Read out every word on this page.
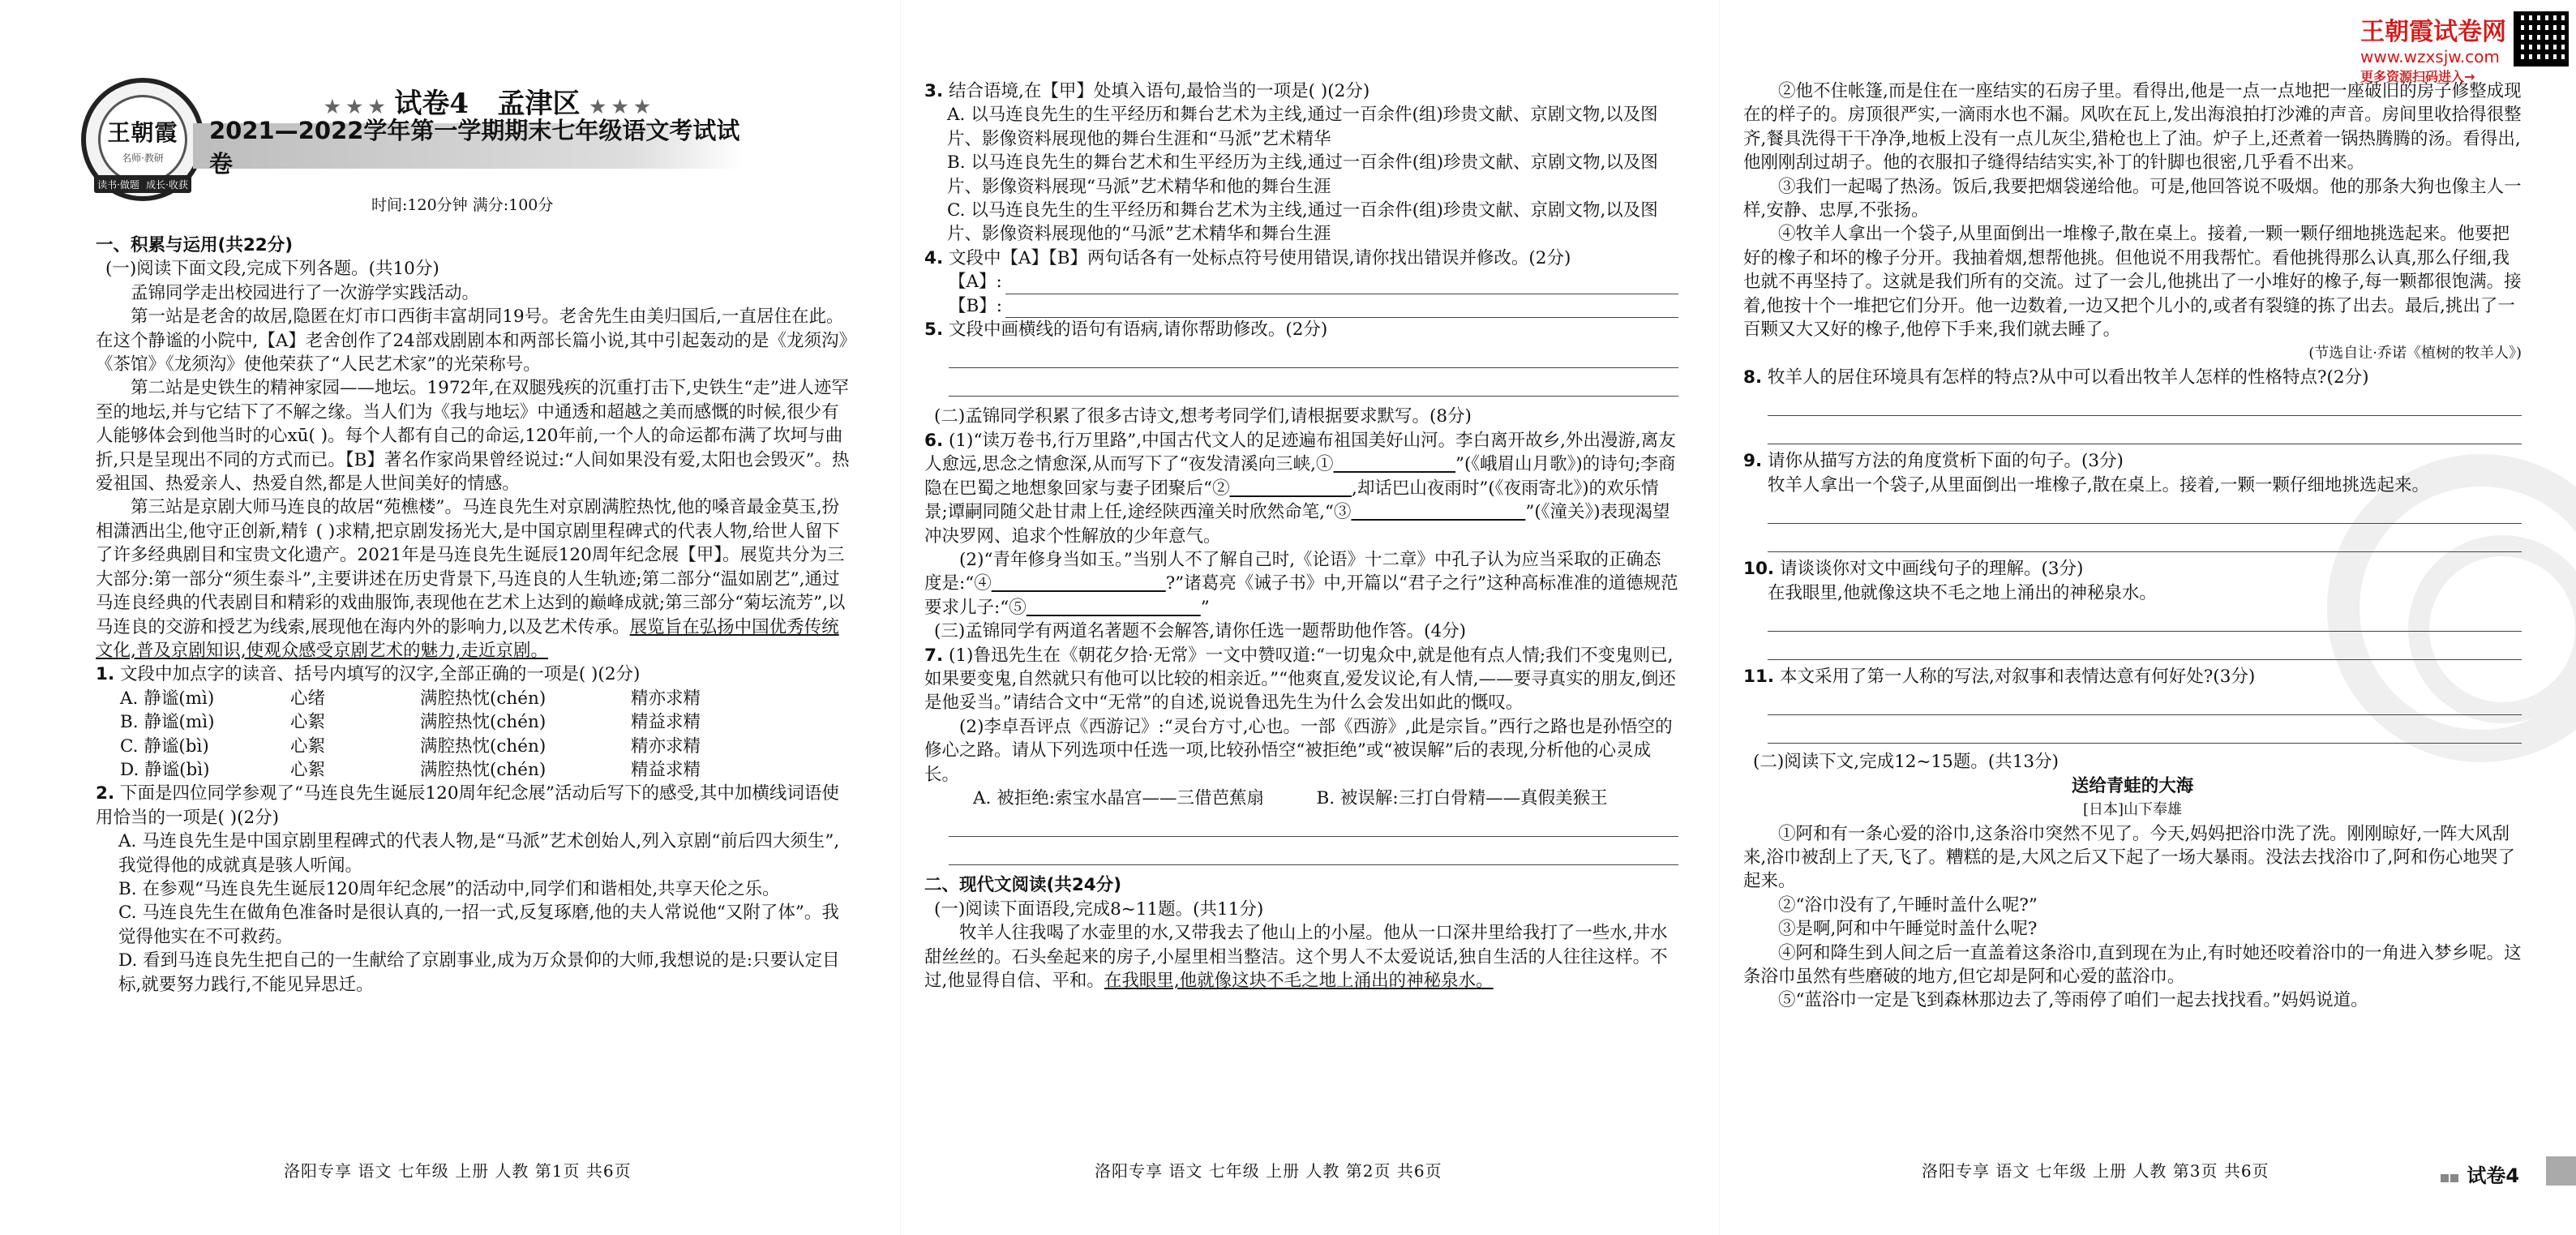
王朝霞
名师·教研
读书·做题 成长·收获
★ ★ ★ 试卷4 孟津区 ★ ★ ★
2021—2022学年第一学期期末七年级语文考试试卷
时间:120分钟 满分:100分

一、积累与运用(共22分)

(一)阅读下面文段,完成下列各题。(共10分)

孟锦同学走出校园进行了一次游学实践活动。

第一站是老舍的故居,隐匿在灯市口西街丰富胡同19号。老舍先生由美归国后,一直居住在此。在这个静谧的小院中,【A】老舍创作了24部戏剧剧本和两部长篇小说,其中引起轰动的是《龙须沟》《茶馆》《龙须沟》使他荣获了“人民艺术家”的光荣称号。

第二站是史铁生的精神家园——地坛。1972年,在双腿残疾的沉重打击下,史铁生“走”进人迹罕至的地坛,并与它结下了不解之缘。当人们为《我与地坛》中通透和超越之美而感慨的时候,很少有人能够体会到他当时的心xū( )。每个人都有自己的命运,120年前,一个人的命运都布满了坎坷与曲折,只是呈现出不同的方式而已。【B】著名作家尚果曾经说过:“人间如果没有爱,太阳也会毁灭”。热爱祖国、热爱亲人、热爱自然,都是人世间美好的情感。

第三站是京剧大师马连良的故居“苑樵楼”。马连良先生对京剧满腔热忱,他的嗓音最金莫玉,扮相潇洒出尘,他守正创新,精钅( )求精,把京剧发扬光大,是中国京剧里程碑式的代表人物,给世人留下了许多经典剧目和宝贵文化遗产。2021年是马连良先生诞辰120周年纪念展【甲】。展览共分为三大部分:第一部分“须生泰斗”,主要讲述在历史背景下,马连良的人生轨迹;第二部分“温如剧艺”,通过马连良经典的代表剧目和精彩的戏曲服饰,表现他在艺术上达到的巅峰成就;第三部分“菊坛流芳”,以马连良的交游和授艺为线索,展现他在海内外的影响力,以及艺术传承。展览旨在弘扬中国优秀传统文化,普及京剧知识,使观众感受京剧艺术的魅力,走近京剧。

1. 文段中加点字的读音、括号内填写的汉字,全部正确的一项是( )(2分)

A. 静谧(mì)	心绪	满腔热忱(chén)	精亦求精
B. 静谧(mì)	心絮	满腔热忱(chén)	精益求精
C. 静谧(bì)	心絮	满腔热忱(chén)	精亦求精
D. 静谧(bì)	心絮	满腔热忱(chén)	精益求精

2. 下面是四位同学参观了“马连良先生诞辰120周年纪念展”活动后写下的感受,其中加横线词语使用恰当的一项是( )(2分)

A. 马连良先生是中国京剧里程碑式的代表人物,是“马派”艺术创始人,列入京剧“前后四大须生”,我觉得他的成就真是骇人听闻。

B. 在参观“马连良先生诞辰120周年纪念展”的活动中,同学们和谐相处,共享天伦之乐。

C. 马连良先生在做角色准备时是很认真的,一招一式,反复琢磨,他的夫人常说他“又附了体”。我觉得他实在不可救药。

D. 看到马连良先生把自己的一生献给了京剧事业,成为万众景仰的大师,我想说的是:只要认定目标,就要努力践行,不能见异思迁。

洛阳专享 语文 七年级 上册 人教 第1页 共6页

3. 结合语境,在【甲】处填入语句,最恰当的一项是( )(2分)

A. 以马连良先生的生平经历和舞台艺术为主线,通过一百余件(组)珍贵文献、京剧文物,以及图片、影像资料展现他的舞台生涯和“马派”艺术精华

B. 以马连良先生的舞台艺术和生平经历为主线,通过一百余件(组)珍贵文献、京剧文物,以及图片、影像资料展现“马派”艺术精华和他的舞台生涯

C. 以马连良先生的生平经历和舞台艺术为主线,通过一百余件(组)珍贵文献、京剧文物,以及图片、影像资料展现他的“马派”艺术精华和舞台生涯

4. 文段中【A】【B】两句话各有一处标点符号使用错误,请你找出错误并修改。(2分)

【A】:
【B】:

5. 文段中画横线的语句有语病,请你帮助修改。(2分)

(二)孟锦同学积累了很多古诗文,想考考同学们,请根据要求默写。(8分)

6. (1)“读万卷书,行万里路”,中国古代文人的足迹遍布祖国美好山河。李白离开故乡,外出漫游,离友人愈远,思念之情愈深,从而写下了“夜发清溪向三峡,①       	”(《峨眉山月歌》)的诗句;李商隐在巴蜀之地想象回家与妻子团聚后“②       	,却话巴山夜雨时”(《夜雨寄北》)的欢乐情景;谭嗣同随父赴甘肃上任,途经陕西潼关时欣然命笔,“③          	”(《潼关》)表现渴望冲决罗网、追求个性解放的少年意气。

(2)“青年修身当如玉。”当别人不了解自己时,《论语》十二章》中孔子认为应当采取的正确态度是:“④          	?”诸葛亮《诫子书》中,开篇以“君子之行”这种高标准准的道德规范要求儿子:“⑤          	”

(三)孟锦同学有两道名著题不会解答,请你任选一题帮助他作答。(4分)

7. (1)鲁迅先生在《朝花夕拾·无常》一文中赞叹道:“一切鬼众中,就是他有点人情;我们不变鬼则已,如果要变鬼,自然就只有他可以比较的相亲近。”“他爽直,爱发议论,有人情,——要寻真实的朋友,倒还是他妥当。”请结合文中“无常”的自述,说说鲁迅先生为什么会发出如此的慨叹。

(2)李卓吾评点《西游记》:“灵台方寸,心也。一部《西游》,此是宗旨。”西行之路也是孙悟空的修心之路。请从下列选项中任选一项,比较孙悟空“被拒绝”或“被误解”后的表现,分析他的心灵成长。

A. 被拒绝:索宝水晶宫——三借芭蕉扇   	B. 被误解:三打白骨精——真假美猴王

二、现代文阅读(共24分)

(一)阅读下面语段,完成8~11题。(共11分)

牧羊人往我喝了水壶里的水,又带我去了他山上的小屋。他从一口深井里给我打了一些水,井水甜丝丝的。石头垒起来的房子,小屋里相当整洁。这个男人不太爱说话,独自生活的人往往这样。不过,他显得自信、平和。在我眼里,他就像这块不毛之地上涌出的神秘泉水。

洛阳专享 语文 七年级 上册 人教 第2页 共6页
王朝霞试卷网
www.wzxsjw.com
更多资源扫码进入→

②他不住帐篷,而是住在一座结实的石房子里。看得出,他是一点一点地把一座破旧的房子修整成现在的样子的。房顶很严实,一滴雨水也不漏。风吹在瓦上,发出海浪拍打沙滩的声音。房间里收拾得很整齐,餐具洗得干干净净,地板上没有一点儿灰尘,猎枪也上了油。炉子上,还煮着一锅热腾腾的汤。看得出,他刚刚刮过胡子。他的衣服扣子缝得结结实实,补丁的针脚也很密,几乎看不出来。

③我们一起喝了热汤。饭后,我要把烟袋递给他。可是,他回答说不吸烟。他的那条大狗也像主人一样,安静、忠厚,不张扬。

④牧羊人拿出一个袋子,从里面倒出一堆橡子,散在桌上。接着,一颗一颗仔细地挑选起来。他要把好的橡子和坏的橡子分开。我抽着烟,想帮他挑。但他说不用我帮忙。看他挑得那么认真,那么仔细,我也就不再坚持了。这就是我们所有的交流。过了一会儿,他挑出了一小堆好的橡子,每一颗都很饱满。接着,他按十个一堆把它们分开。他一边数着,一边又把个儿小的,或者有裂缝的拣了出去。最后,挑出了一百颗又大又好的橡子,他停下手来,我们就去睡了。

(节选自让·乔诺《植树的牧羊人》)

8. 牧羊人的居住环境具有怎样的特点?从中可以看出牧羊人怎样的性格特点?(2分)

9. 请你从描写方法的角度赏析下面的句子。(3分)

牧羊人拿出一个袋子,从里面倒出一堆橡子,散在桌上。接着,一颗一颗仔细地挑选起来。

10. 请谈谈你对文中画线句子的理解。(3分)

在我眼里,他就像这块不毛之地上涌出的神秘泉水。

11. 本文采用了第一人称的写法,对叙事和表情达意有何好处?(3分)

(二)阅读下文,完成12~15题。(共13分)

送给青蛙的大海

[日本]山下奉雄

①阿和有一条心爱的浴巾,这条浴巾突然不见了。今天,妈妈把浴巾洗了洗。刚刚晾好,一阵大风刮来,浴巾被刮上了天,飞了。糟糕的是,大风之后又下起了一场大暴雨。没法去找浴巾了,阿和伤心地哭了起来。

②“浴巾没有了,午睡时盖什么呢?”

③是啊,阿和中午睡觉时盖什么呢?

④阿和降生到人间之后一直盖着这条浴巾,直到现在为止,有时她还咬着浴巾的一角进入梦乡呢。这条浴巾虽然有些磨破的地方,但它却是阿和心爱的蓝浴巾。

⑤“蓝浴巾一定是飞到森林那边去了,等雨停了咱们一起去找找看。”妈妈说道。

洛阳专享 语文 七年级 上册 人教 第3页 共6页	试卷4
